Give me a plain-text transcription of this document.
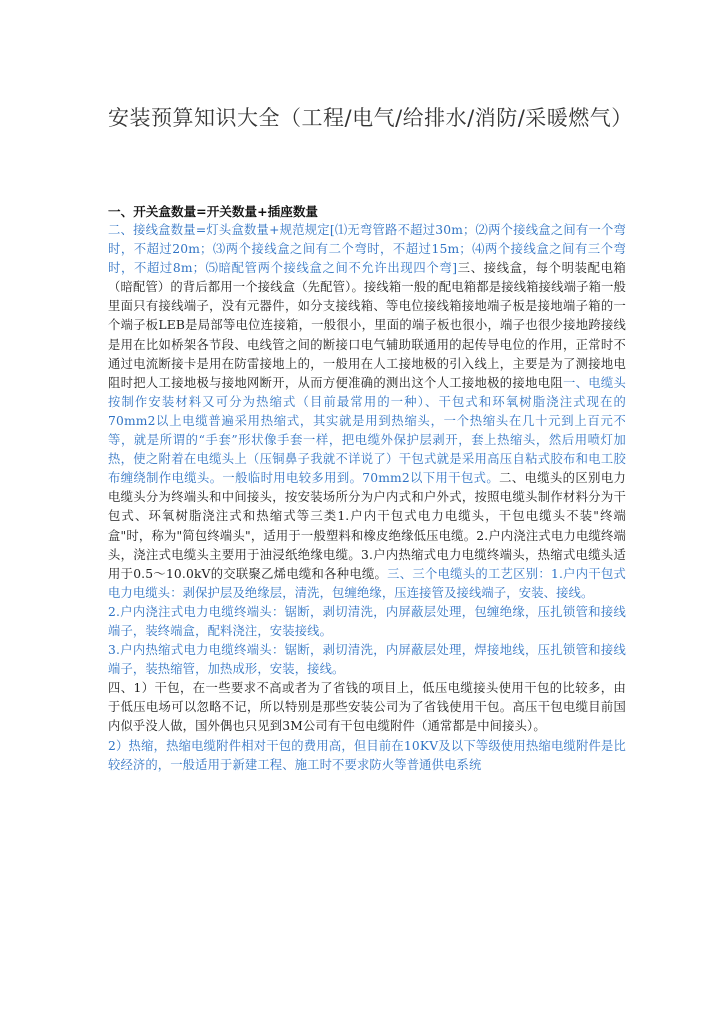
安装预算知识大全（工程/电气/给排水/消防/采暖燃气）

一、开关盒数量=开关数量+插座数量

二、接线盒数量=灯头盒数量+规范规定[⑴无弯管路不超过30m；⑵两个接线盒之间有一个弯时，不超过20m；⑶两个接线盒之间有二个弯时，不超过15m；⑷两个接线盒之间有三个弯时，不超过8m；⑸暗配管两个接线盒之间不允许出现四个弯]三、接线盒，每个明装配电箱（暗配管）的背后都用一个接线盒（先配管）。接线箱一般的配电箱都是接线箱接线端子箱一般里面只有接线端子，没有元器件，如分支接线箱、等电位接线箱接地端子板是接地端子箱的一个端子板LEB是局部等电位连接箱，一般很小，里面的端子板也很小，端子也很少接地跨接线是用在比如桥架各节段、电线管之间的断接口电气辅助联通用的起传导电位的作用，正常时不通过电流断接卡是用在防雷接地上的，一般用在人工接地极的引入线上，主要是为了测接地电阻时把人工接地极与接地网断开，从而方便准确的测出这个人工接地极的接地电阻一、电缆头按制作安装材料又可分为热缩式（目前最常用的一种）、干包式和环氧树脂浇注式现在的70mm2以上电缆普遍采用热缩式，其实就是用到热缩头，一个热缩头在几十元到上百元不等，就是所谓的“手套”形状像手套一样，把电缆外保护层剥开，套上热缩头，然后用喷灯加热，使之附着在电缆头上（压铜鼻子我就不详说了）干包式就是采用高压自粘式胶布和电工胶布缠绕制作电缆头。一般临时用电较多用到。70mm2以下用干包式。二、电缆头的区别电力电缆头分为终端头和中间接头，按安装场所分为户内式和户外式，按照电缆头制作材料分为干包式、环氧树脂浇注式和热缩式等三类1.户内干包式电力电缆头，干包电缆头不装"终端盒"时，称为"简包终端头"，适用于一般塑料和橡皮绝缘低压电缆。2.户内浇注式电力电缆终端头，浇注式电缆头主要用于油浸纸绝缘电缆。3.户内热缩式电力电缆终端头，热缩式电缆头适用于0.5～10.0kV的交联聚乙烯电缆和各种电缆。三、三个电缆头的工艺区别：1.户内干包式电力电缆头：剥保护层及绝缘层，清洗，包缠绝缘，压连接管及接线端子，安装、接线。

2.户内浇注式电力电缆终端头：锯断，剥切清洗，内屏蔽层处理，包缠绝缘，压扎锁管和接线端子，装终端盒，配料浇注，安装接线。

3.户内热缩式电力电缆终端头：锯断，剥切清洗，内屏蔽层处理，焊接地线，压扎锁管和接线端子，装热缩管，加热成形，安装，接线。

四、1）干包，在一些要求不高或者为了省钱的项目上，低压电缆接头使用干包的比较多，由于低压电场可以忽略不记，所以特别是那些安装公司为了省钱使用干包。高压干包电缆目前国内似乎没人做，国外偶也只见到3M公司有干包电缆附件（通常都是中间接头）。

2）热缩，热缩电缆附件相对干包的费用高，但目前在10KV及以下等级使用热缩电缆附件是比较经济的，一般适用于新建工程、施工时不要求防火等普通供电系统
